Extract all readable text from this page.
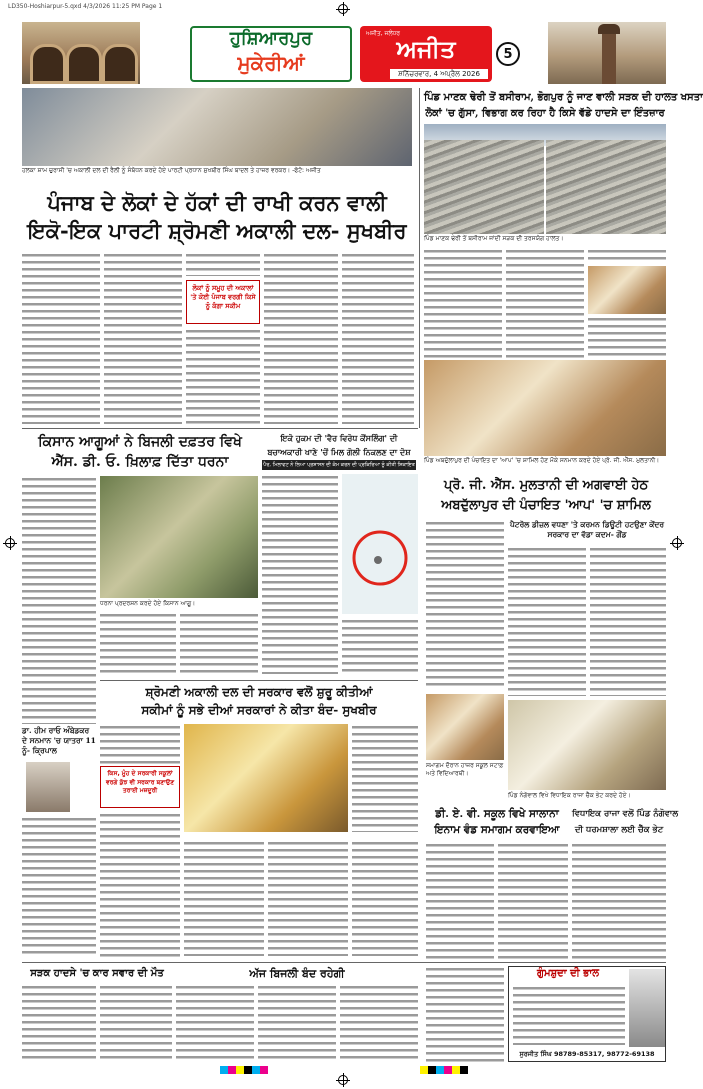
LD350-Hoshiarpur-5.qxd 4/3/2026 11:25 PM Page 1
ਹੁਸ਼ਿਆਰਪੁਰ
ਮੁਕੇਰੀਆਂ
ਅਜੀਤ, ਜਲੰਧਰ
ਅਜੀਤ
ਸ਼ਨਿੱਚਰਵਾਰ, 4 ਅਪ੍ਰੈਲ 2026
5
ਹਲਕਾ ਸ਼ਾਮ ਚੁਰਾਸੀ 'ਚ ਅਕਾਲੀ ਦਲ ਦੀ ਰੈਲੀ ਨੂੰ ਸੰਬੋਧਨ ਕਰਦੇ ਹੋਏ ਪਾਰਟੀ ਪ੍ਰਧਾਨ ਸੁਖਬੀਰ ਸਿੰਘ ਬਾਦਲ ਤੇ ਹਾਜ਼ਰ ਵਰਕਰ। -ਫੋਟੋ: ਅਜੀਤ
ਪੰਜਾਬ ਦੇ ਲੋਕਾਂ ਦੇ ਹੱਕਾਂ ਦੀ ਰਾਖੀ ਕਰਨ ਵਾਲੀ
ਇਕੋ-ਇਕ ਪਾਰਟੀ ਸ਼੍ਰੋਮਣੀ ਅਕਾਲੀ ਦਲ- ਸੁਖਬੀਰ
ਲੋਕਾਂ ਨੂੰ ਸਮੂਹ ਦੀ ਅਕਾਲਾਂ 'ਤੇ ਕੋਈ ਪੰਜਾਬ ਵਰਗੀ ਕਿਸੇ ਨੂੰ ਕੰਗਾ ਸਕੀਮ
ਪਿੰਡ ਮਾਣਕ ਢੇਰੀ ਤੋਂ ਬਸੀਰਾਮ, ਭੋਗਪੁਰ ਨੂੰ ਜਾਣ ਵਾਲੀ ਸੜਕ ਦੀ ਹਾਲਤ ਖਸਤਾ
ਲੋਕਾਂ 'ਚ ਗੁੱਸਾ, ਵਿਭਾਗ ਕਰ ਰਿਹਾ ਹੈ ਕਿਸੇ ਵੱਡੇ ਹਾਦਸੇ ਦਾ ਇੰਤਜ਼ਾਰ
ਪਿੰਡ ਮਾਣਕ ਢੇਰੀ ਤੋਂ ਬਸੀਰਾਮ ਜਾਂਦੀ ਸੜਕ ਦੀ ਤਰਸਯੋਗ ਹਾਲਤ।
ਪਿੰਡ ਅਬਦੁੱਲਾਪੁਰ ਦੀ ਪੰਚਾਇਤ ਦਾ 'ਆਪ' 'ਚ ਸ਼ਾਮਿਲ ਹੋਣ ਮੌਕੇ ਸਨਮਾਨ ਕਰਦੇ ਹੋਏ ਪ੍ਰੋ. ਜੀ. ਐੱਸ. ਮੁਲਤਾਨੀ।
ਕਿਸਾਨ ਆਗੂਆਂ ਨੇ ਬਿਜਲੀ ਦਫ਼ਤਰ ਵਿਖੇ
ਐੱਸ. ਡੀ. ਓ. ਖ਼ਿਲਾਫ਼ ਦਿੱਤਾ ਧਰਨਾ
ਧਰਨਾ ਪ੍ਰਦਰਸ਼ਨ ਕਰਦੇ ਹੋਏ ਕਿਸਾਨ ਆਗੂ।
ਡਾ. ਹੀਮ ਰਾਓ ਅੰਬੇਡਕਰ ਦੇ ਸਨਮਾਨ 'ਚ ਯਾਤਰਾ 11 ਨੂੰ- ਕ੍ਰਿਪਾਲ
ਇਕੋ ਹੁਕਮ ਦੀ 'ਵੈਰ ਵਿਰੋਧ ਕੌਂਸਲਿੰਗ' ਦੀ
ਬਚਾਅਕਾਰੀ ਖਾਣੇ 'ਚੋਂ ਮਿਲ ਗੋਲੀ ਨਿਕਲਣ ਦਾ ਦੋਸ਼
ਪੈਰ, ਮਿਲਾਵਟ ਨੇ ਲਿਆ ਪ੍ਰਸ਼ਾਸਨ ਦੀ ਕੰਮ ਕਰਨ ਦੀ ਪ੍ਰਕਿਰਿਆ ਨੂੰ ਕੀਤੀ ਸ਼ਿਕਾਇਤ
ਸ਼੍ਰੋਮਣੀ ਅਕਾਲੀ ਦਲ ਦੀ ਸਰਕਾਰ ਵਲੋਂ ਸ਼ੁਰੂ ਕੀਤੀਆਂ
ਸਕੀਮਾਂ ਨੂੰ ਸਭੇ ਦੀਆਂ ਸਰਕਾਰਾਂ ਨੇ ਕੀਤਾ ਬੰਦ- ਸੁਖਬੀਰ
ਕਿਸ, ਮੂੰਹ ਦੇ ਸਰਕਾਰੀ ਸਕੂਲਾਂ ਵਰਗੇ ਕੁੱਝ ਵੀ ਸਰਕਾਰ ਬਣਾਉਣ ਤਰਾਈ ਮਜ਼ਦੂਰੀ
ਪ੍ਰੋ. ਜੀ. ਐੱਸ. ਮੁਲਤਾਨੀ ਦੀ ਅਗਵਾਈ ਹੇਠ
ਅਬਦੁੱਲਾਪੁਰ ਦੀ ਪੰਚਾਇਤ 'ਆਪ' 'ਚ ਸ਼ਾਮਿਲ
ਪੈਟਰੋਲ ਡੀਜ਼ਲ ਵਧਣਾ 'ਤੇ ਕਰਮਨ ਡਿਊਟੀ ਹਟਉਣਾ ਕੇਂਦਰ ਸਰਕਾਰ ਦਾ ਵੱਡਾ ਕਦਮ- ਗੌਂਡ
ਪਿੰਡ ਨੰਗੋਵਾਲ ਵਿਖੇ ਵਿਧਾਇਕ ਰਾਜਾ ਚੈੱਕ ਭੇਟ ਕਰਦੇ ਹੋਏ।
ਸਮਾਗਮ ਦੌਰਾਨ ਹਾਜ਼ਰ ਸਕੂਲ ਸਟਾਫ਼ ਅਤੇ ਵਿਦਿਆਰਥੀ।
ਡੀ. ਏ. ਵੀ. ਸਕੂਲ ਵਿਖੇ ਸਾਲਾਨਾ
ਇਨਾਮ ਵੰਡ ਸਮਾਗਮ ਕਰਵਾਇਆ
ਵਿਧਾਇਕ ਰਾਜਾ ਵਲੋਂ ਪਿੰਡ ਨੰਗੋਵਾਲ
ਦੀ ਧਰਮਸ਼ਾਲਾ ਲਈ ਚੈੱਕ ਭੇਟ
ਸੜਕ ਹਾਦਸੇ 'ਚ ਕਾਰ ਸਵਾਰ ਦੀ ਮੌਤ	ਅੱਜ ਬਿਜਲੀ ਬੰਦ ਰਹੇਗੀ	ਗੁੰਮਸ਼ੁਦਾ ਦੀ ਭਾਲ
ਸੁਰਜੀਤ ਸਿੰਘ 98789-85317, 98772-69138
